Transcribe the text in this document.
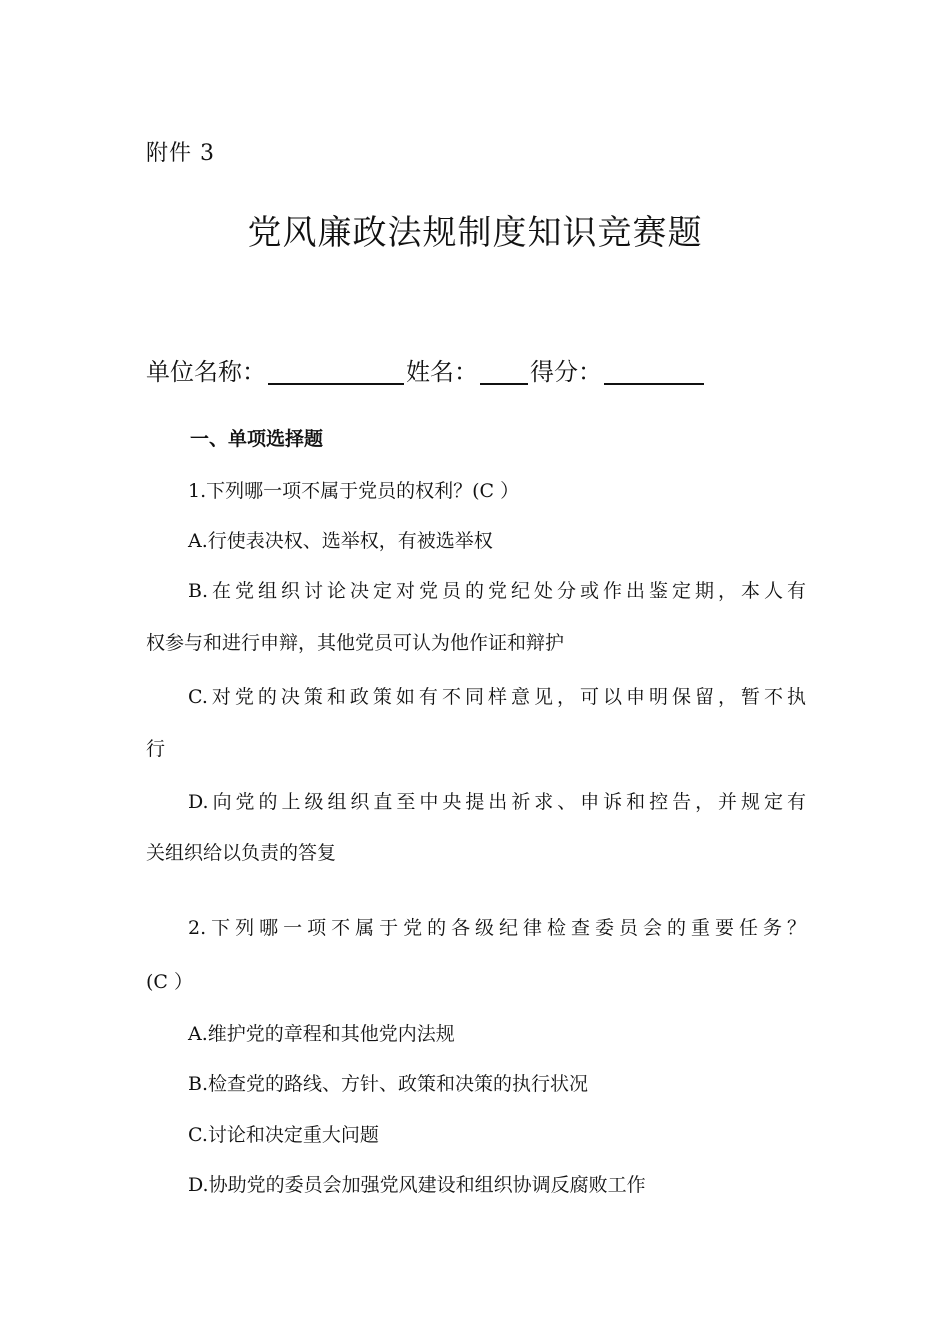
附件 3
党风廉政法规制度知识竞赛题
单位名称：	姓名： 得分：
一、单项选择题
1.下列哪一项不属于党员的权利？(C ）
A.行使表决权、选举权，有被选举权
B.在党组织讨论决定对党员的党纪处分或作出鉴定期，本人有
权参与和进行申辩，其他党员可认为他作证和辩护
C.对党的决策和政策如有不同样意见，可以申明保留，暂不执
行
D.向党的上级组织直至中央提出祈求、申诉和控告，并规定有
关组织给以负责的答复
2.下列哪一项不属于党的各级纪律检查委员会的重要任务？
(C ）
A.维护党的章程和其他党内法规
B.检查党的路线、方针、政策和决策的执行状况
C.讨论和决定重大问题
D.协助党的委员会加强党风建设和组织协调反腐败工作
